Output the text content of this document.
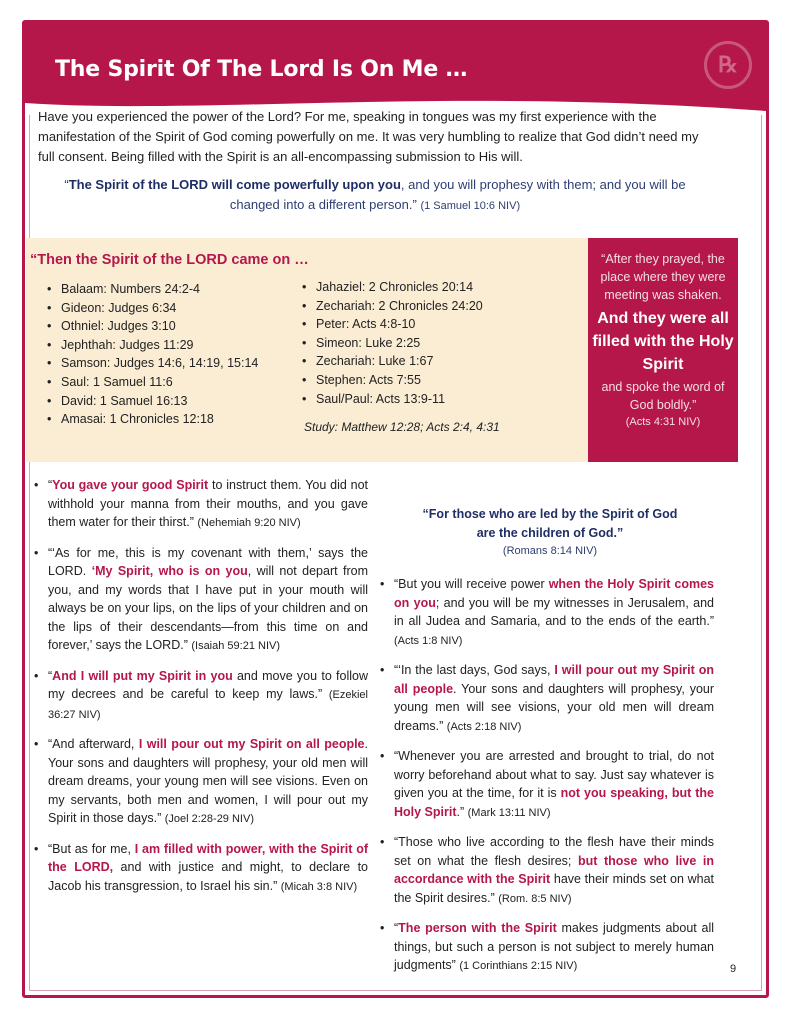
The Spirit Of The Lord Is On Me …	℞

Have you experienced the power of the Lord? For me, speaking in tongues was my first experience with the manifestation of the Spirit of God coming powerfully on me. It was very humbling to realize that God didn’t need my full consent. Being filled with the Spirit is an all-encompassing submission to His will.

“The Spirit of the LORD will come powerfully upon you, and you will prophesy with them; and you will be changed into a different person.” (1 Samuel 10:6 NIV)

“Then the Spirit of the LORD came on …
• Balaam: Numbers 24:2-4
• Gideon: Judges 6:34
• Othniel: Judges 3:10
• Jephthah: Judges 11:29
• Samson: Judges 14:6, 14:19, 15:14
• Saul: 1 Samuel 11:6
• David: 1 Samuel 16:13
• Amasai: 1 Chronicles 12:18
• Jahaziel: 2 Chronicles 20:14
• Zechariah: 2 Chronicles 24:20
• Peter: Acts 4:8-10
• Simeon: Luke 2:25
• Zechariah: Luke 1:67
• Stephen: Acts 7:55
• Saul/Paul: Acts 13:9-11
Study: Matthew 12:28; Acts 2:4, 4:31
“After they prayed, the place where they were meeting was shaken.
And they were all filled with the Holy Spirit
and spoke the word of God boldly.”
(Acts 4:31 NIV)
• “You gave your good Spirit to instruct them. You did not withhold your manna from their mouths, and you gave them water for their thirst.” (Nehemiah 9:20 NIV)
• “‘As for me, this is my covenant with them,’ says the LORD. ‘My Spirit, who is on you, will not depart from you, and my words that I have put in your mouth will always be on your lips, on the lips of your children and on the lips of their descendants—from this time on and forever,’ says the LORD.” (Isaiah 59:21 NIV)
• “And I will put my Spirit in you and move you to follow my decrees and be careful to keep my laws.” (Ezekiel 36:27 NIV)
• “And afterward, I will pour out my Spirit on all people. Your sons and daughters will prophesy, your old men will dream dreams, your young men will see visions. Even on my servants, both men and women, I will pour out my Spirit in those days.” (Joel 2:28-29 NIV)
• “But as for me, I am filled with power, with the Spirit of the LORD, and with justice and might, to declare to Jacob his transgression, to Israel his sin.” (Micah 3:8 NIV)
“For those who are led by the Spirit of God are the children of God.”
(Romans 8:14 NIV)
• “But you will receive power when the Holy Spirit comes on you; and you will be my witnesses in Jerusalem, and in all Judea and Samaria, and to the ends of the earth.” (Acts 1:8 NIV)
• “‘In the last days, God says, I will pour out my Spirit on all people. Your sons and daughters will prophesy, your young men will see visions, your old men will dream dreams.” (Acts 2:18 NIV)
• “Whenever you are arrested and brought to trial, do not worry beforehand about what to say. Just say whatever is given you at the time, for it is not you speaking, but the Holy Spirit.” (Mark 13:11 NIV)
• “Those who live according to the flesh have their minds set on what the flesh desires; but those who live in accordance with the Spirit have their minds set on what the Spirit desires.” (Rom. 8:5 NIV)
• “The person with the Spirit makes judgments about all things, but such a person is not subject to merely human judgments” (1 Corinthians 2:15 NIV)	9
